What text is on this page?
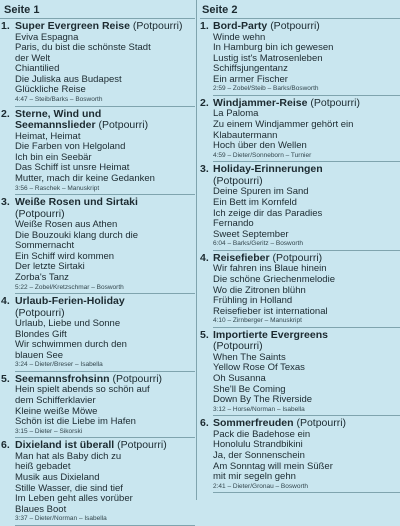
Seite 1
1. Super Evergreen Reise (Potpourri)
Eviva Espagna
Paris, du bist die schönste Stadt
der Welt
Chiantilied
Die Juliska aus Budapest
Glückliche Reise
4:47 – Steib/Barks – Bosworth
2. Sterne, Wind und
Seemannslieder (Potpourri)
Heimat, Heimat
Die Farben von Helgoland
Ich bin ein Seebär
Das Schiff ist unsre Heimat
Mutter, mach dir keine Gedanken
3:56 – Raschek – Manuskript
3. Weiße Rosen und Sirtaki
(Potpourri)
Weiße Rosen aus Athen
Die Bouzouki klang durch die
Sommernacht
Ein Schiff wird kommen
Der letzte Sirtaki
Zorba's Tanz
5:22 – Zobel/Kretzschmar – Bosworth
4. Urlaub-Ferien-Holiday
(Potpourri)
Urlaub, Liebe und Sonne
Blondes Gift
Wir schwimmen durch den
blauen See
3:24 – Dieter/Breser – Isabella
5. Seemannsfrohsinn (Potpourri)
Hein spielt abends so schön auf
dem Schifferklavier
Kleine weiße Möwe
Schön ist die Liebe im Hafen
3:15 – Dieter – Sikorski
6. Dixieland ist überall (Potpourri)
Man hat als Baby dich zu
heiß gebadet
Musik aus Dixieland
Stille Wasser, die sind tief
Im Leben geht alles vorüber
Blaues Boot
3:37 – Dieter/Norman – Isabella
Seite 2
1. Bord-Party (Potpourri)
Winde wehn
In Hamburg bin ich gewesen
Lustig ist's Matrosenleben
Schiffsjungentanz
Ein armer Fischer
2:59 – Zobel/Steib – Barks/Bosworth
2. Windjammer-Reise (Potpourri)
La Paloma
Zu einem Windjammer gehört ein
Klabautermann
Hoch über den Wellen
4:59 – Dieter/Sonneborn – Turnier
3. Holiday-Erinnerungen
(Potpourri)
Deine Spuren im Sand
Ein Bett im Kornfeld
Ich zeige dir das Paradies
Fernando
Sweet September
6:04 – Barks/Geritz – Bosworth
4. Reisefieber (Potpourri)
Wir fahren ins Blaue hinein
Die schöne Griechenmelodie
Wo die Zitronen blühn
Frühling in Holland
Reisefieber ist international
4:10 – Zirnberger – Manuskript
5. Importierte Evergreens
(Potpourri)
When The Saints
Yellow Rose Of Texas
Oh Susanna
She'll Be Coming
Down By The Riverside
3:12 – Horse/Norman – Isabella
6. Sommerfreuden (Potpourri)
Pack die Badehose ein
Honolulu Strandbikini
Ja, der Sonnenschein
Am Sonntag will mein Süßer
mit mir segeln gehn
2:41 – Dieter/Gronau – Bosworth
